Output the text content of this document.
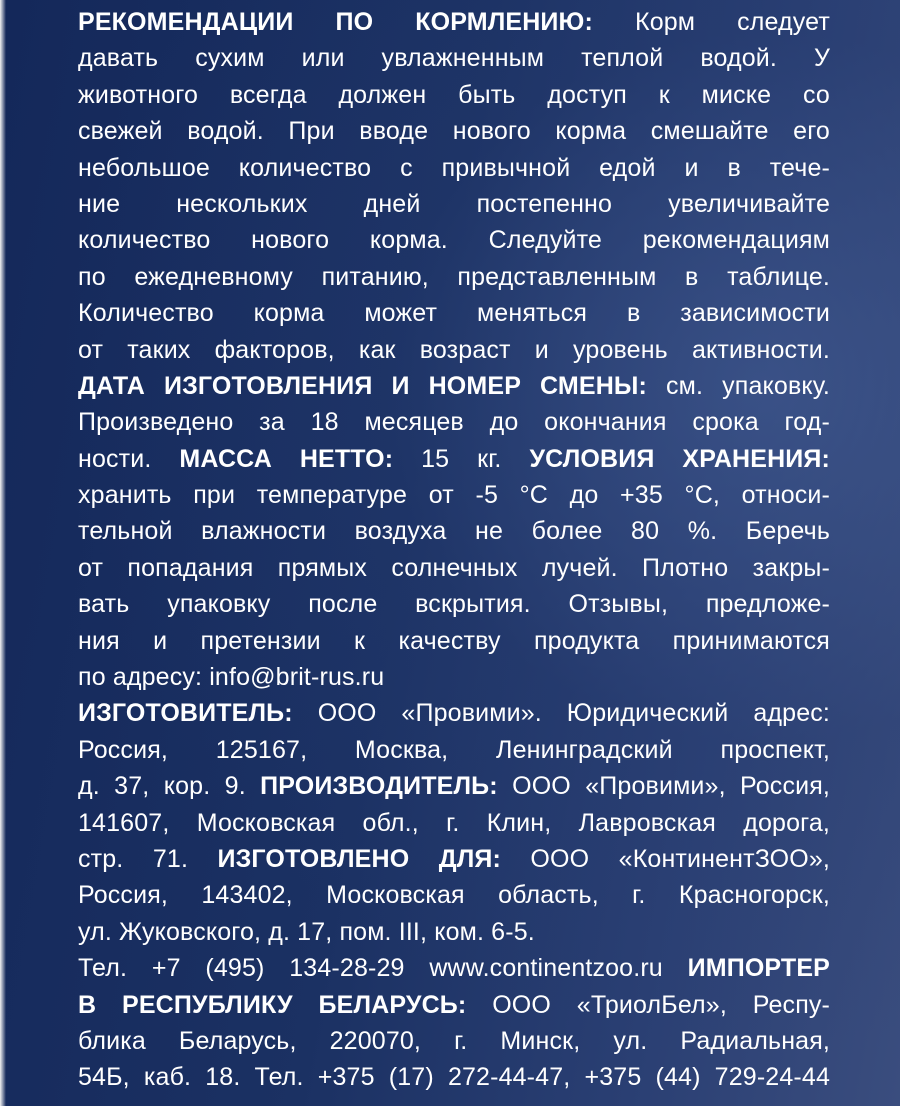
РЕКОМЕНДАЦИИ ПО КОРМЛЕНИЮ: Корм следует
давать сухим или увлажненным теплой водой. У
животного всегда должен быть доступ к миске со
свежей водой. При вводе нового корма смешайте его
небольшое количество с привычной едой и в тече-
ние нескольких дней постепенно увеличивайте
количество нового корма. Следуйте рекомендациям
по ежедневному питанию, представленным в таблице.
Количество корма может меняться в зависимости
от таких факторов, как возраст и уровень активности.
ДАТА ИЗГОТОВЛЕНИЯ И НОМЕР СМЕНЫ: см. упаковку.
Произведено за 18 месяцев до окончания срока год-
ности. МАССА НЕТТО: 15 кг. УСЛОВИЯ ХРАНЕНИЯ:
хранить при температуре от -5 °С до +35 °С, относи-
тельной влажности воздуха не более 80 %. Беречь
от попадания прямых солнечных лучей. Плотно закры-
вать упаковку после вскрытия. Отзывы, предложе-
ния и претензии к качеству продукта принимаются
по адресу: info@brit-rus.ru
ИЗГОТОВИТЕЛЬ: ООО «Провими». Юридический адрес:
Россия, 125167, Москва, Ленинградский проспект,
д. 37, кор. 9. ПРОИЗВОДИТЕЛЬ: ООО «Провими», Россия,
141607, Московская обл., г. Клин, Лавровская дорога,
стр. 71. ИЗГОТОВЛЕНО ДЛЯ: ООО «КонтинентЗОО»,
Россия, 143402, Московская область, г. Красногорск,
ул. Жуковского, д. 17, пом. III, ком. 6-5.
Тел. +7 (495) 134-28-29 www.continentzoo.ru ИМПОРТЕР
В РЕСПУБЛИКУ БЕЛАРУСЬ: ООО «ТриолБел», Респу-
блика Беларусь, 220070, г. Минск, ул. Радиальная,
54Б, каб. 18. Тел. +375 (17) 272-44-47, +375 (44) 729-24-44
